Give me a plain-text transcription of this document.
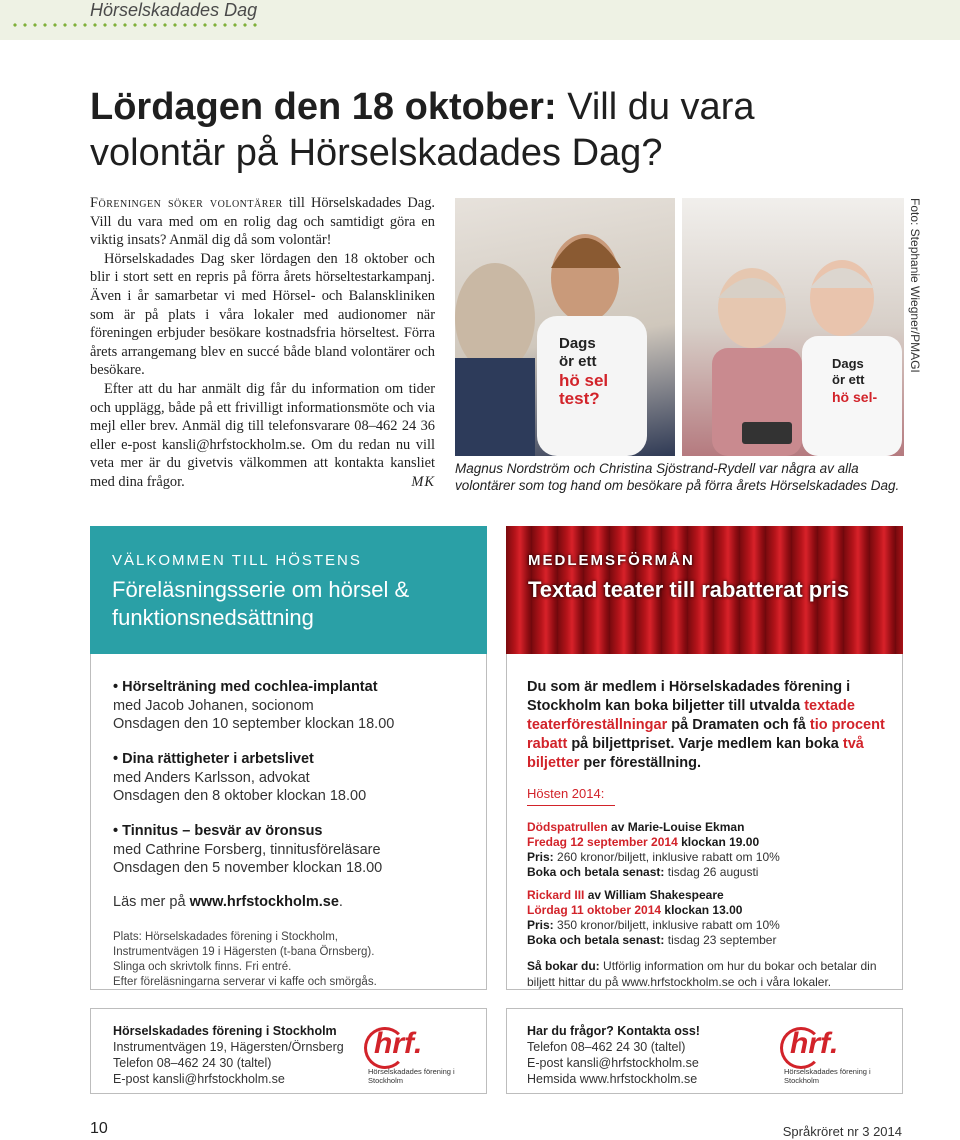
Hörselskadades Dag
Lördagen den 18 oktober: Vill du vara volontär på Hörselskadades Dag?

Föreningen söker volontärer till Hörselskadades Dag. Vill du vara med om en rolig dag och samtidigt göra en viktig insats? Anmäl dig då som volontär!

Hörselskadades Dag sker lördagen den 18 oktober och blir i stort sett en repris på förra årets hörseltestarkampanj. Även i år samarbetar vi med Hörsel- och Balanskliniken som är på plats i våra lokaler med audionomer när föreningen erbjuder besökare kostnadsfria hörseltest. Förra årets arrangemang blev en succé både bland volontärer och besökare.

Efter att du har anmält dig får du information om tider och upplägg, både på ett frivilligt informationsmöte och via mejl eller brev. Anmäl dig till telefonsvarare 08–462 24 36 eller e-post kansli@hrfstockholm.se. Om du redan nu vill veta mer är du givetvis välkommen att kontakta kansliet med dina frågor.	MK

Dags
ör ett
hö sel
test?
Dags
ör ett
hö sel-
Foto: Stephanie Wiegner/PMAGI
Magnus Nordström och Christina Sjöstrand-Rydell var några av alla volontärer som tog hand om besökare på förra årets Hörselskadades Dag.
VÄLKOMMEN TILL HÖSTENS
Föreläsningsserie om hörsel & funktionsnedsättning
• Hörselträning med cochlea-implantat
med Jacob Johanen, socionom
Onsdagen den 10 september klockan 18.00
• Dina rättigheter i arbetslivet
med Anders Karlsson, advokat
Onsdagen den 8 oktober klockan 18.00
• Tinnitus – besvär av öronsus
med Cathrine Forsberg, tinnitusföreläsare
Onsdagen den 5 november klockan 18.00
Läs mer på www.hrfstockholm.se.
Plats: Hörselskadades förening i Stockholm,
Instrumentvägen 19 i Hägersten (t-bana Örnsberg).
Slinga och skrivtolk finns. Fri entré.
Efter föreläsningarna serverar vi kaffe och smörgås.
MEDLEMSFÖRMÅN
Textad teater till rabatterat pris
Du som är medlem i Hörselskadades förening i Stockholm kan boka biljetter till utvalda textade teaterföreställningar på Dramaten och få tio procent rabatt på biljettpriset. Varje medlem kan boka två biljetter per föreställning.
Hösten 2014:
Dödspatrullen av Marie-Louise Ekman
Fredag 12 september 2014 klockan 19.00
Pris: 260 kronor/biljett, inklusive rabatt om 10%
Boka och betala senast: tisdag 26 augusti
Rickard III av William Shakespeare
Lördag 11 oktober 2014 klockan 13.00
Pris: 350 kronor/biljett, inklusive rabatt om 10%
Boka och betala senast: tisdag 23 september
Så bokar du: Utförlig information om hur du bokar och betalar din biljett hittar du på www.hrfstockholm.se och i våra lokaler.
Hörselskadades förening i Stockholm
Instrumentvägen 19, Hägersten/Örnsberg
Telefon 08–462 24 30 (taltel)
E-post kansli@hrfstockholm.se
hrf.
Hörselskadades förening i Stockholm
Har du frågor? Kontakta oss!
Telefon 08–462 24 30 (taltel)
E-post kansli@hrfstockholm.se
Hemsida www.hrfstockholm.se
hrf.
Hörselskadades förening i Stockholm
10	Språkröret nr 3 2014
